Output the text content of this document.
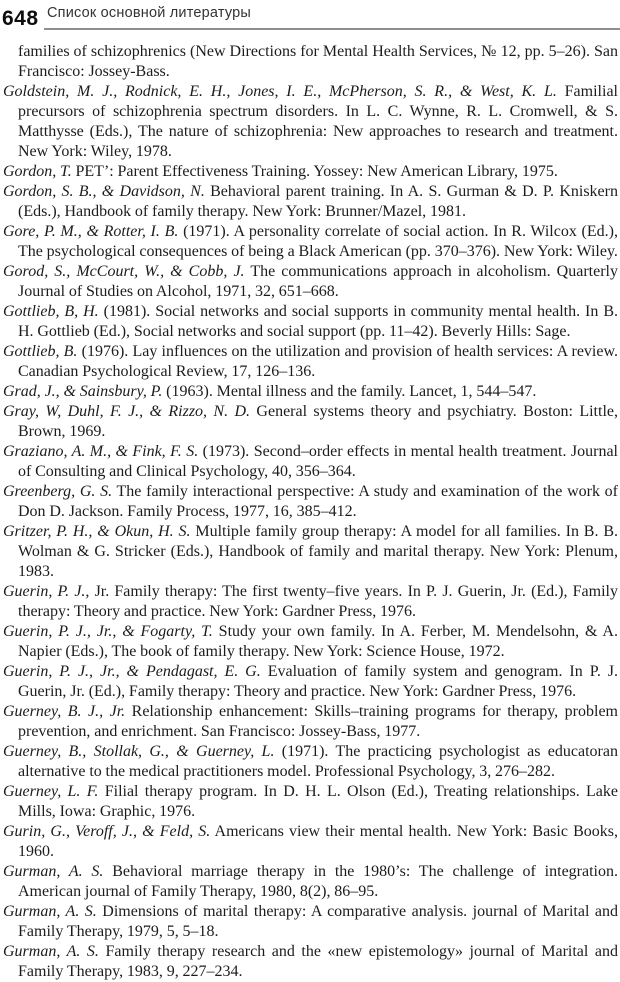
648 Список основной литературы

families of schizophrenics (New Directions for Mental Health Services, № 12, pp. 5–26). San Francisco: Jossey-Bass.

Goldstein, M. J., Rodnick, E. H., Jones, I. E., McPherson, S. R., & West, K. L. Familial precursors of schizophrenia spectrum disorders. In L. C. Wynne, R. L. Cromwell, & S. Matthysse (Eds.), The nature of schizophrenia: New approaches to research and treatment. New York: Wiley, 1978.

Gordon, T. PET’: Parent Effectiveness Training. Yossey: New American Library, 1975.

Gordon, S. B., & Davidson, N. Behavioral parent training. In A. S. Gurman & D. P. Kniskern (Eds.), Handbook of family therapy. New York: Brunner/Mazel, 1981.

Gore, P. M., & Rotter, I. B. (1971). A personality correlate of social action. In R. Wilcox (Ed.), The psychological consequences of being a Black American (pp. 370–376). New York: Wiley.

Gorod, S., McCourt, W., & Cobb, J. The communications approach in alcoholism. Quarterly Journal of Studies on Alcohol, 1971, 32, 651–668.

Gottlieb, B, H. (1981). Social networks and social supports in community mental health. In B. H. Gottlieb (Ed.), Social networks and social support (pp. 11–42). Beverly Hills: Sage.

Gottlieb, B. (1976). Lay influences on the utilization and provision of health services: A review. Canadian Psychological Review, 17, 126–136.

Grad, J., & Sainsbury, P. (1963). Mental illness and the family. Lancet, 1, 544–547.

Gray, W, Duhl, F. J., & Rizzo, N. D. General systems theory and psychiatry. Boston: Little, Brown, 1969.

Graziano, A. M., & Fink, F. S. (1973). Second–order effects in mental health treatment. Journal of Consulting and Clinical Psychology, 40, 356–364.

Greenberg, G. S. The family interactional perspective: A study and examination of the work of Don D. Jackson. Family Process, 1977, 16, 385–412.

Gritzer, P. H., & Okun, H. S. Multiple family group therapy: A model for all families. In B. B. Wolman & G. Stricker (Eds.), Handbook of family and marital therapy. New York: Plenum, 1983.

Guerin, P. J., Jr. Family therapy: The first twenty–five years. In P. J. Guerin, Jr. (Ed.), Family therapy: Theory and practice. New York: Gardner Press, 1976.

Guerin, P. J., Jr., & Fogarty, T. Study your own family. In A. Ferber, M. Mendelsohn, & A. Napier (Eds.), The book of family therapy. New York: Science House, 1972.

Guerin, P. J., Jr., & Pendagast, E. G. Evaluation of family system and genogram. In P. J. Guerin, Jr. (Ed.), Family therapy: Theory and practice. New York: Gardner Press, 1976.

Guerney, B. J., Jr. Relationship enhancement: Skills–training programs for therapy, problem prevention, and enrichment. San Francisco: Jossey-Bass, 1977.

Guerney, B., Stollak, G., & Guerney, L. (1971). The practicing psychologist as educatoran alternative to the medical practitioners model. Professional Psychology, 3, 276–282.

Guerney, L. F. Filial therapy program. In D. H. L. Olson (Ed.), Treating relationships. Lake Mills, Iowa: Graphic, 1976.

Gurin, G., Veroff, J., & Feld, S. Americans view their mental health. New York: Basic Books, 1960.

Gurman, A. S. Behavioral marriage therapy in the 1980’s: The challenge of integration. American journal of Family Therapy, 1980, 8(2), 86–95.

Gurman, A. S. Dimensions of marital therapy: A comparative analysis. journal of Marital and Family Therapy, 1979, 5, 5–18.

Gurman, A. S. Family therapy research and the «new epistemology» journal of Marital and Family Therapy, 1983, 9, 227–234.
